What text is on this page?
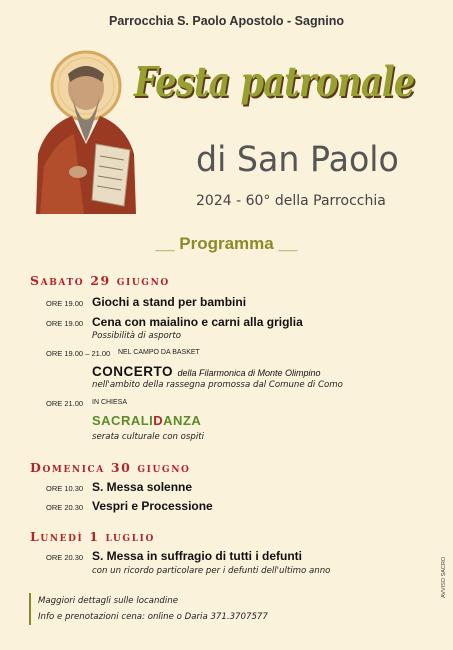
Parrocchia S. Paolo Apostolo - Sagnino
Festa patronale
di San Paolo
2024 - 60° della Parrocchia
__ Programma __
Sabato 29 giugno
ORE 19.00 Giochi a stand per bambini
ORE 19.00 Cena con maialino e carni alla griglia
Possibilità di asporto
ORE 19.00 – 21.00 NEL CAMPO DA BASKET
CONCERTO della Filarmonica di Monte Olimpino
nell'ambito della rassegna promossa dal Comune di Como
ORE 21.00 IN CHIESA
SACRALIDANZA
serata culturale con ospiti
Domenica 30 giugno
ORE 10.30 S. Messa solenne
ORE 20.30 Vespri e Processione
Lunedì 1 luglio
ORE 20.30 S. Messa in suffragio di tutti i defunti
con un ricordo particolare per i defunti dell'ultimo anno
Maggiori dettagli sulle locandine
Info e prenotazioni cena: online o Daria 371.3707577
AVVISO SACRO
